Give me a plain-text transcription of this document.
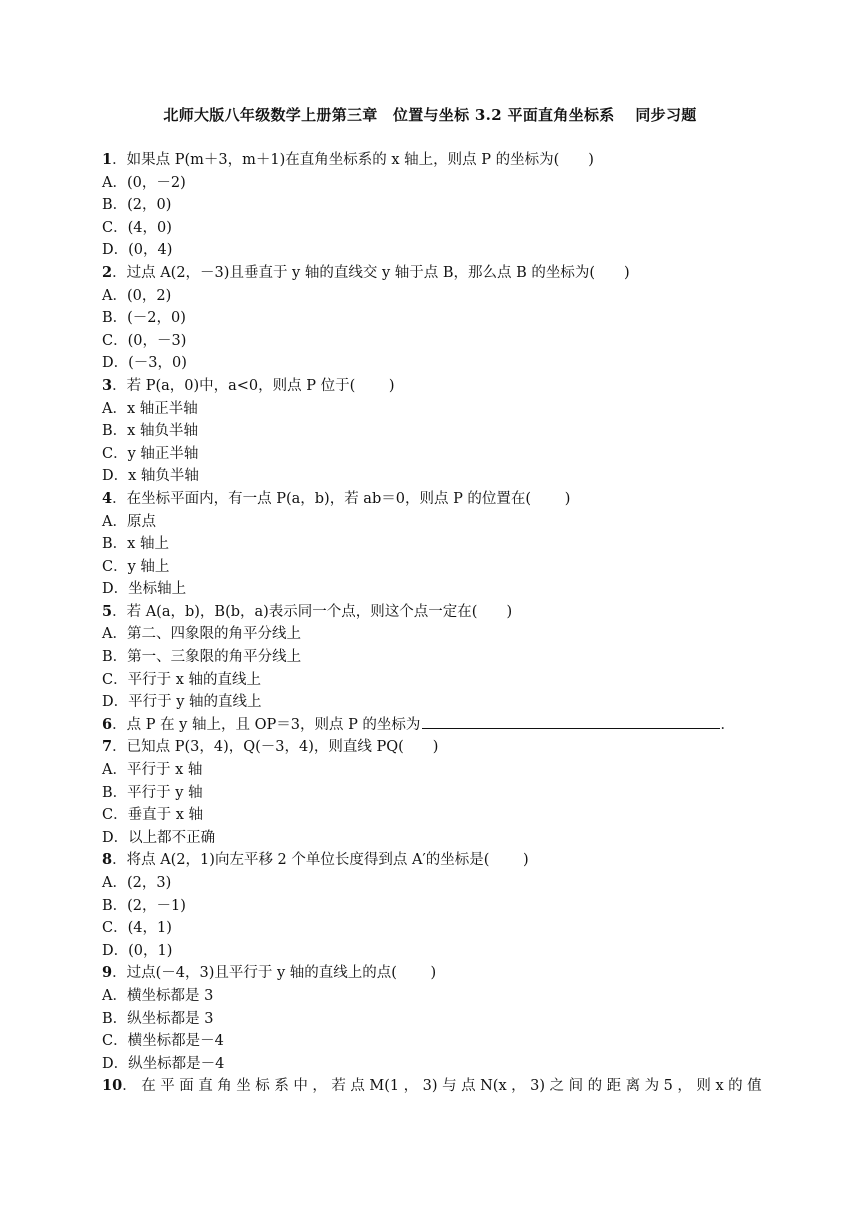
北师大版八年级数学上册第三章　位置与坐标 3.2 平面直角坐标系　 同步习题
1．如果点 P(m＋3，m＋1)在直角坐标系的 x 轴上，则点 P 的坐标为(　　)
A．(0，－2)
B．(2，0)
C．(4，0)
D．(0，4)
2．过点 A(2，－3)且垂直于 y 轴的直线交 y 轴于点 B，那么点 B 的坐标为(　　)
A．(0，2)
B．(－2，0)
C．(0，－3)
D．(－3，0)
3．若 P(a，0)中，a<0，则点 P 位于(　　 )
A．x 轴正半轴
B．x 轴负半轴
C．y 轴正半轴
D．x 轴负半轴
4．在坐标平面内，有一点 P(a，b)，若 ab＝0，则点 P 的位置在(　　 )
A．原点
B．x 轴上
C．y 轴上
D．坐标轴上
5．若 A(a，b)，B(b，a)表示同一个点，则这个点一定在(　　)
A．第二、四象限的角平分线上
B．第一、三象限的角平分线上
C．平行于 x 轴的直线上
D．平行于 y 轴的直线上
6．点 P 在 y 轴上，且 OP＝3，则点 P 的坐标为	．
7．已知点 P(3，4)，Q(－3，4)，则直线 PQ(　　)
A．平行于 x 轴
B．平行于 y 轴
C．垂直于 x 轴
D．以上都不正确
8．将点 A(2，1)向左平移 2 个单位长度得到点 A′的坐标是(　　 )
A．(2，3)
B．(2，－1)
C．(4，1)
D．(0，1)
9．过点(－4，3)且平行于 y 轴的直线上的点(　　 )
A．横坐标都是 3
B．纵坐标都是 3
C．横坐标都是－4
D．纵坐标都是－4
10． 在 平 面 直 角 坐 标 系 中 ， 若 点 M(1 ， 3) 与 点 N(x ， 3) 之 间 的 距 离 为 5 ， 则 x 的 值
